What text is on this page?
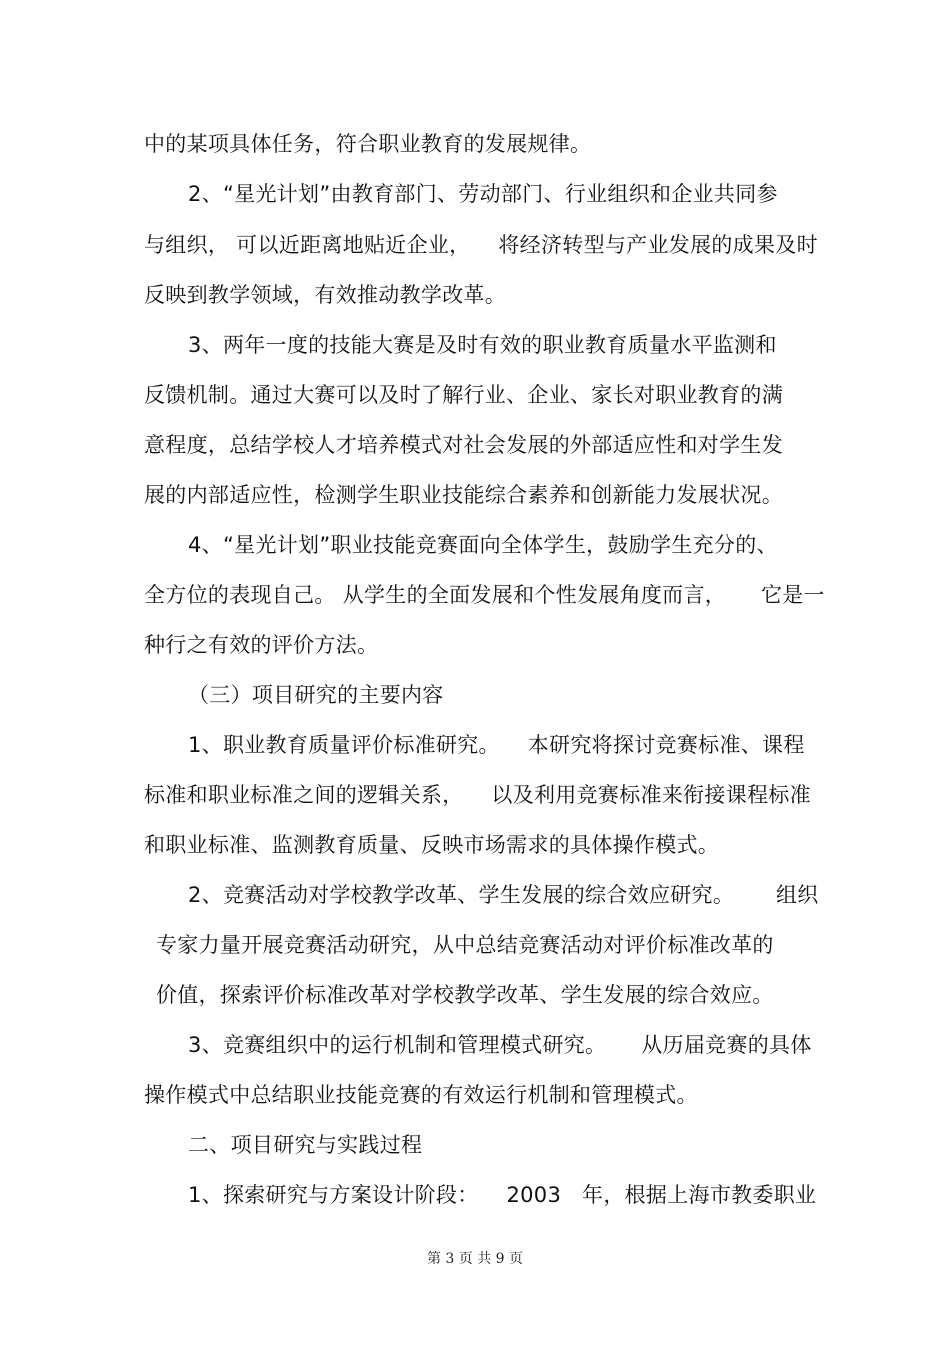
中的某项具体任务，符合职业教育的发展规律。
2、“星光计划”由教育部门、劳动部门、行业组织和企业共同参
与组织， 可以近距离地贴近企业，    将经济转型与产业发展的成果及时
反映到教学领域，有效推动教学改革。
3、两年一度的技能大赛是及时有效的职业教育质量水平监测和
反馈机制。通过大赛可以及时了解行业、企业、家长对职业教育的满
意程度，总结学校人才培养模式对社会发展的外部适应性和对学生发
展的内部适应性，检测学生职业技能综合素养和创新能力发展状况。
4、“星光计划”职业技能竞赛面向全体学生，鼓励学生充分的、
全方位的表现自己。 从学生的全面发展和个性发展角度而言，     它是一
种行之有效的评价方法。
（三）项目研究的主要内容
1、职业教育质量评价标准研究。    本研究将探讨竞赛标准、课程
标准和职业标准之间的逻辑关系，    以及利用竞赛标准来衔接课程标准
和职业标准、监测教育质量、反映市场需求的具体操作模式。
2、竞赛活动对学校教学改革、学生发展的综合效应研究。      组织
专家力量开展竞赛活动研究，从中总结竞赛活动对评价标准改革的
价值，探索评价标准改革对学校教学改革、学生发展的综合效应。
3、竞赛组织中的运行机制和管理模式研究。     从历届竞赛的具体
操作模式中总结职业技能竞赛的有效运行机制和管理模式。
二、项目研究与实践过程
1、探索研究与方案设计阶段：    2003   年，根据上海市教委职业
第 3 页 共 9 页
